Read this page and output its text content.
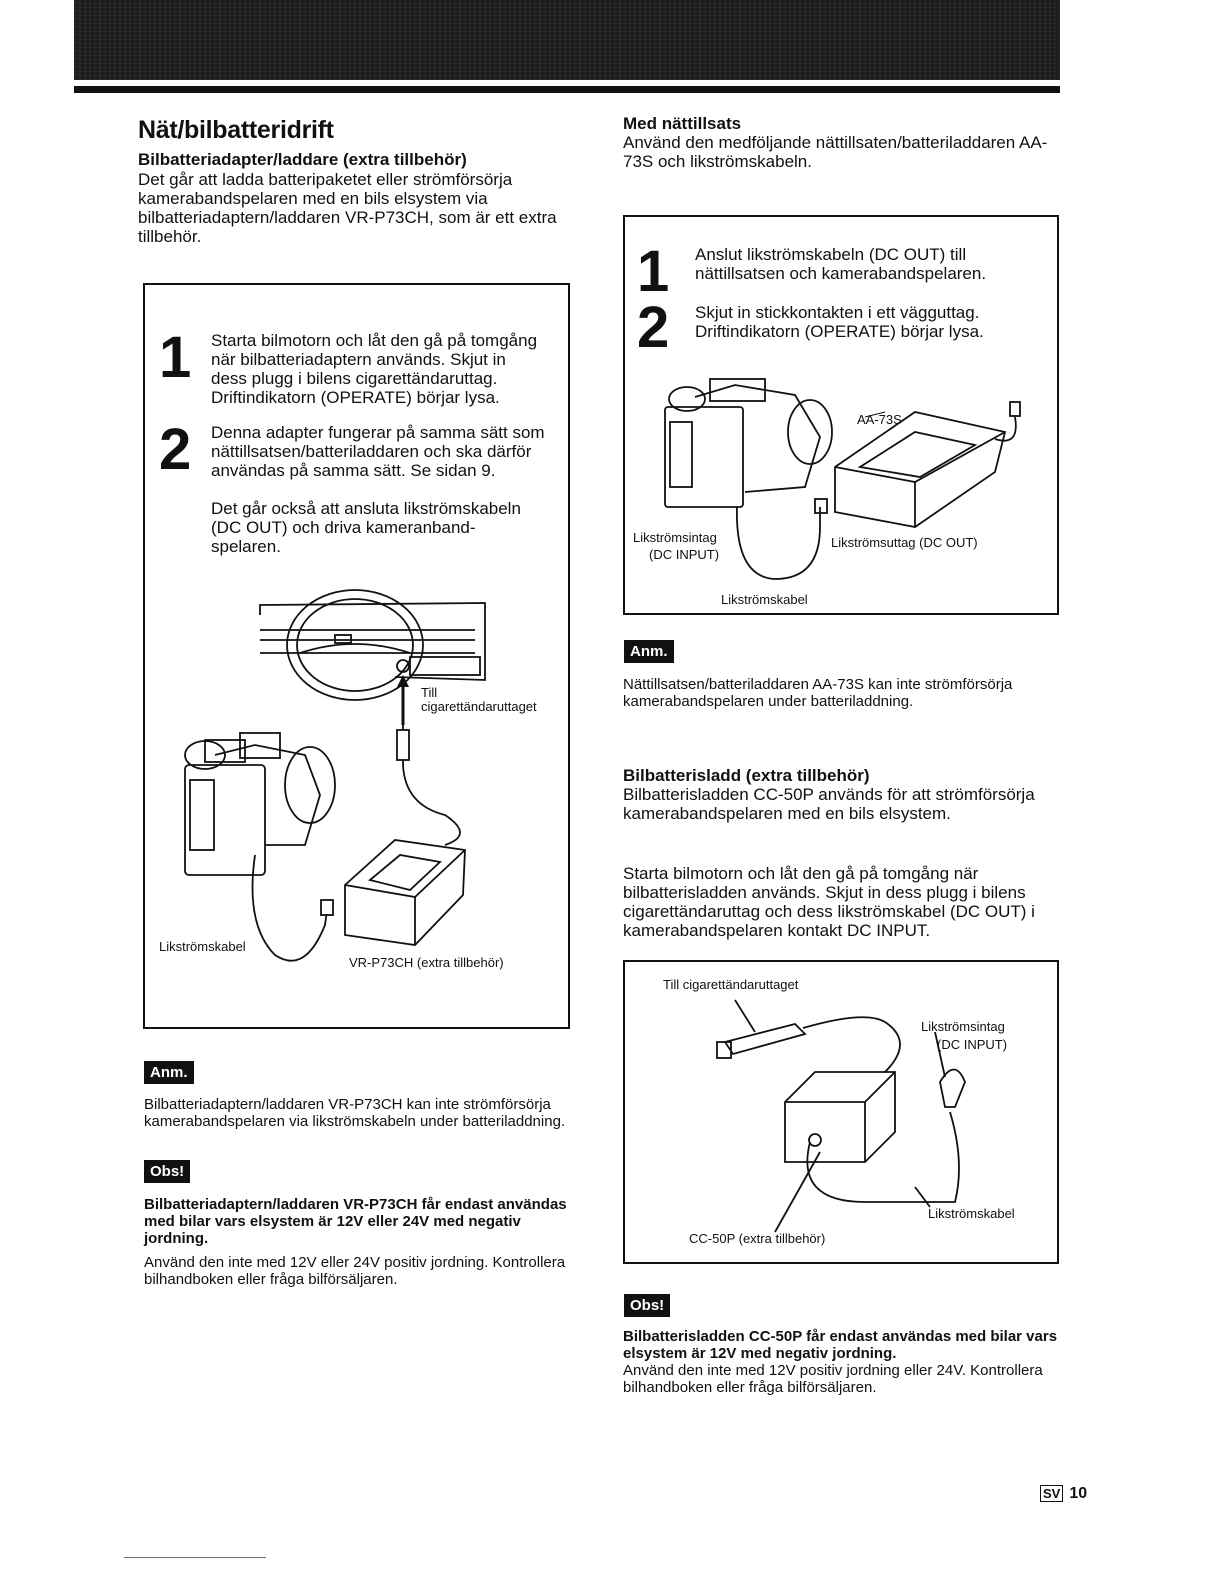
Nät/bilbatteridrift
Bilbatteriadapter/laddare (extra tillbehör)
Det går att ladda batteripaketet eller strömförsörja kamerabandspelaren med en bils elsystem via bilbatteriadaptern/laddaren VR-P73CH, som är ett extra tillbehör.
1 Starta bilmotorn och låt den gå på tomgång när bilbatteriadaptern används. Skjut in dess plugg i bilens cigarettändaruttag. Driftindikatorn (OPERATE) börjar lysa.
2 Denna adapter fungerar på samma sätt som nättillsatsen/batteriladdaren och ska därför användas på samma sätt. Se sidan 9.
Det går också att ansluta likströmskabeln (DC OUT) och driva kameranband-spelaren.
Till
cigarettändaruttaget
Likströmskabel
VR-P73CH (extra tillbehör)
Anm.
Bilbatteriadaptern/laddaren VR-P73CH kan inte strömförsörja kamerabandspelaren via likströmskabeln under batteriladdning.
Obs!
Bilbatteriadaptern/laddaren VR-P73CH får endast användas med bilar vars elsystem är 12V eller 24V med negativ jordning.
Använd den inte med 12V eller 24V positiv jordning. Kontrollera bilhandboken eller fråga bilförsäljaren.
Med nättillsats
Använd den medföljande nättillsaten/batteriladdaren AA-73S och likströmskabeln.
1 Anslut likströmskabeln (DC OUT) till nättillsatsen och kamerabandspelaren.
2 Skjut in stickkontakten i ett vägguttag. Driftindikatorn (OPERATE) börjar lysa.
AA-73S
Likströmsintag
(DC INPUT)
Likströmsuttag (DC OUT)
Likströmskabel
Anm.
Nättillsatsen/batteriladdaren AA-73S kan inte strömförsörja kamerabandspelaren under batteriladdning.
Bilbatterisladd (extra tillbehör)
Bilbatterisladden CC-50P används för att strömförsörja kamerabandspelaren med en bils elsystem.
Starta bilmotorn och låt den gå på tomgång när bilbatterisladden används. Skjut in dess plugg i bilens cigarettändaruttag och dess likströmskabel (DC OUT) i kamerabandspelaren kontakt DC INPUT.
Till cigarettändaruttaget
Likströmsintag
(DC INPUT)
Likströmskabel
CC-50P (extra tillbehör)
Obs!
Bilbatterisladden CC-50P får endast användas med bilar vars elsystem är 12V med negativ jordning.
Använd den inte med 12V positiv jordning eller 24V. Kontrollera bilhandboken eller fråga bilförsäljaren.
SV 10
